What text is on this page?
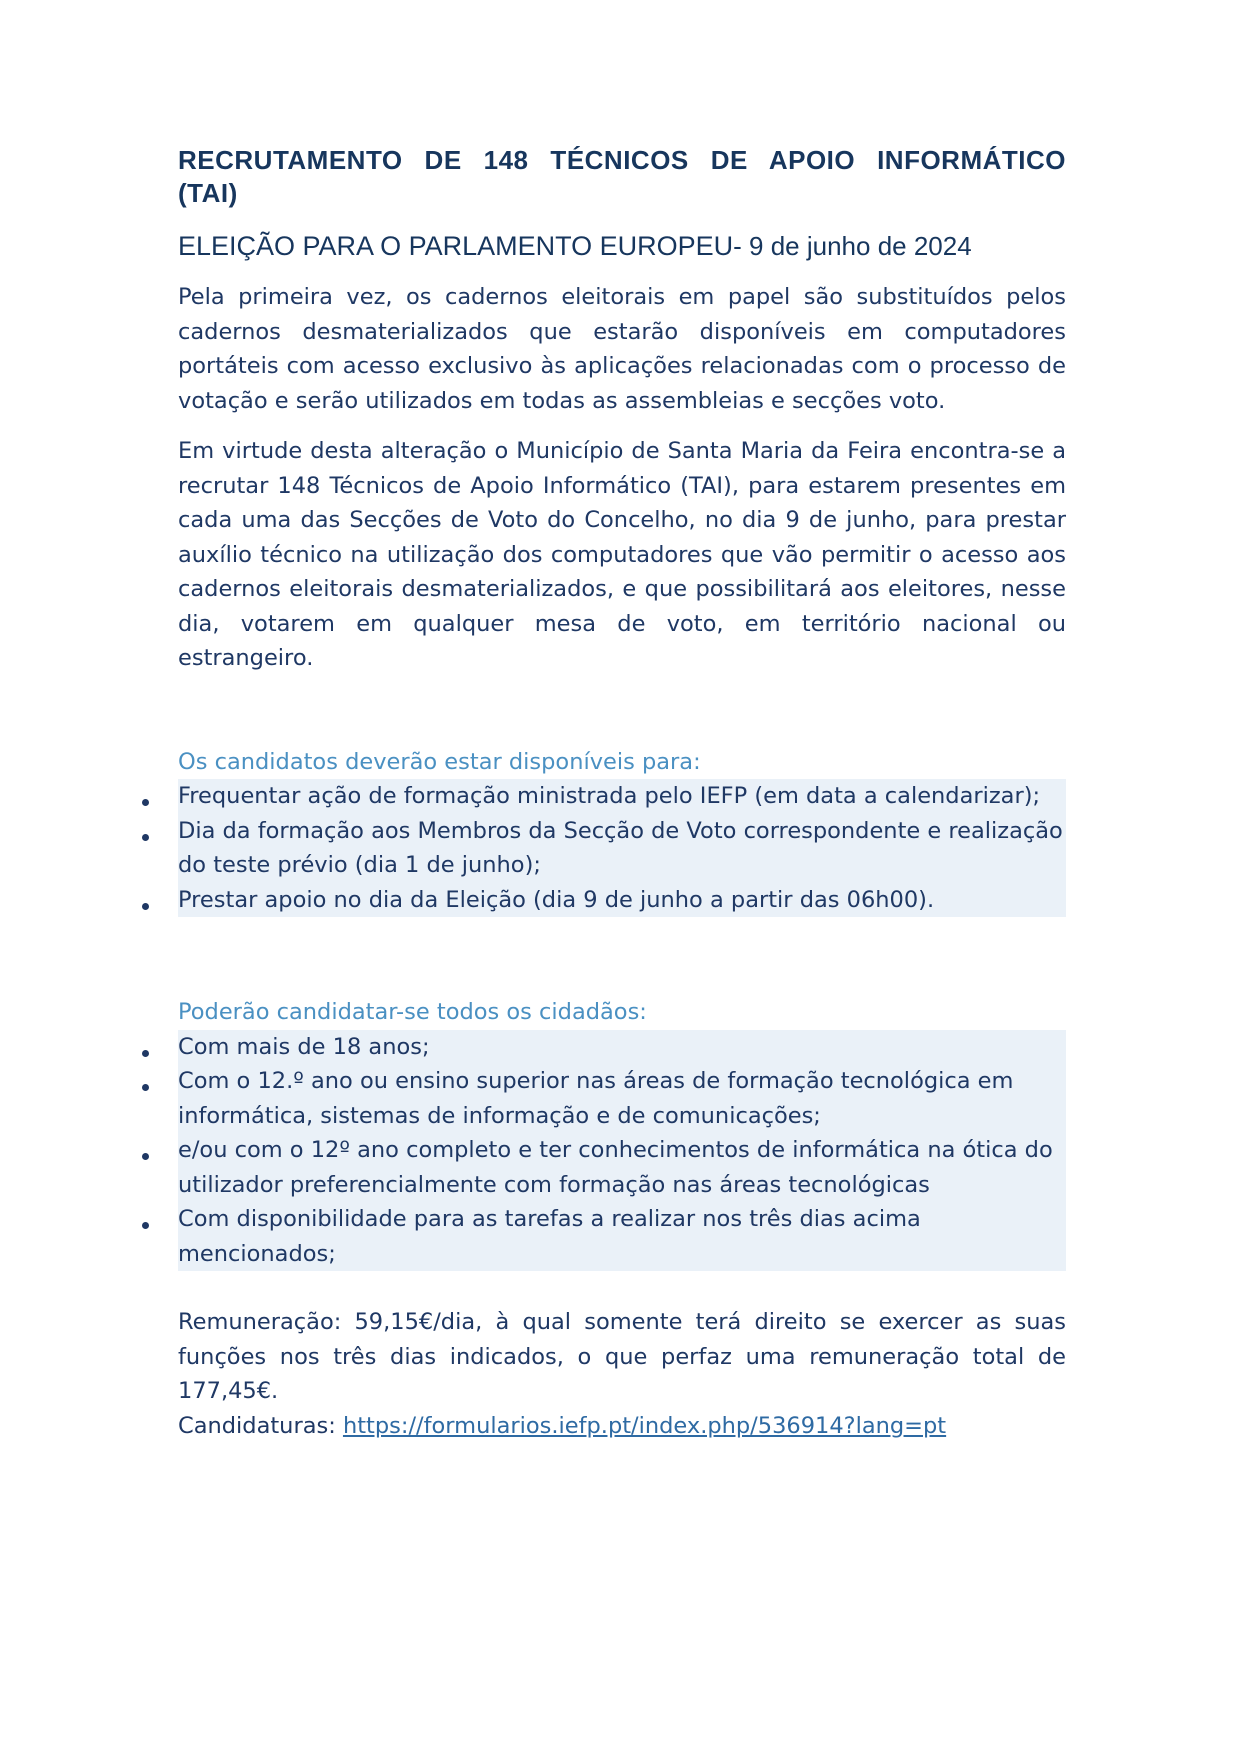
RECRUTAMENTO DE 148 TÉCNICOS DE APOIO INFORMÁTICO (TAI)
ELEIÇÃO PARA O PARLAMENTO EUROPEU- 9 de junho de 2024

Pela primeira vez, os cadernos eleitorais em papel são substituídos pelos cadernos desmaterializados que estarão disponíveis em computadores portáteis com acesso exclusivo às aplicações relacionadas com o processo de votação e serão utilizados em todas as assembleias e secções voto.

Em virtude desta alteração o Município de Santa Maria da Feira encontra-se a recrutar 148 Técnicos de Apoio Informático (TAI), para estarem presentes em cada uma das Secções de Voto do Concelho, no dia 9 de junho, para prestar auxílio técnico na utilização dos computadores que vão permitir o acesso aos cadernos eleitorais desmaterializados, e que possibilitará aos eleitores, nesse dia, votarem em qualquer mesa de voto, em território nacional ou estrangeiro.

Os candidatos deverão estar disponíveis para:

Frequentar ação de formação ministrada pelo IEFP (em data a calendarizar);
Dia da formação aos Membros da Secção de Voto correspondente e realização do teste prévio (dia 1 de junho);
Prestar apoio no dia da Eleição (dia 9 de junho a partir das 06h00).

Poderão candidatar-se todos os cidadãos:

Com mais de 18 anos;
Com o 12.º ano ou ensino superior nas áreas de formação tecnológica em informática, sistemas de informação e de comunicações;
e/ou com o 12º ano completo e ter conhecimentos de informática na ótica do utilizador preferencialmente com formação nas áreas tecnológicas
Com disponibilidade para as tarefas a realizar nos três dias acima mencionados;

Remuneração: 59,15€/dia, à qual somente terá direito se exercer as suas funções nos três dias indicados, o que perfaz uma remuneração total de 177,45€.

Candidaturas: https://formularios.iefp.pt/index.php/536914?lang=pt
